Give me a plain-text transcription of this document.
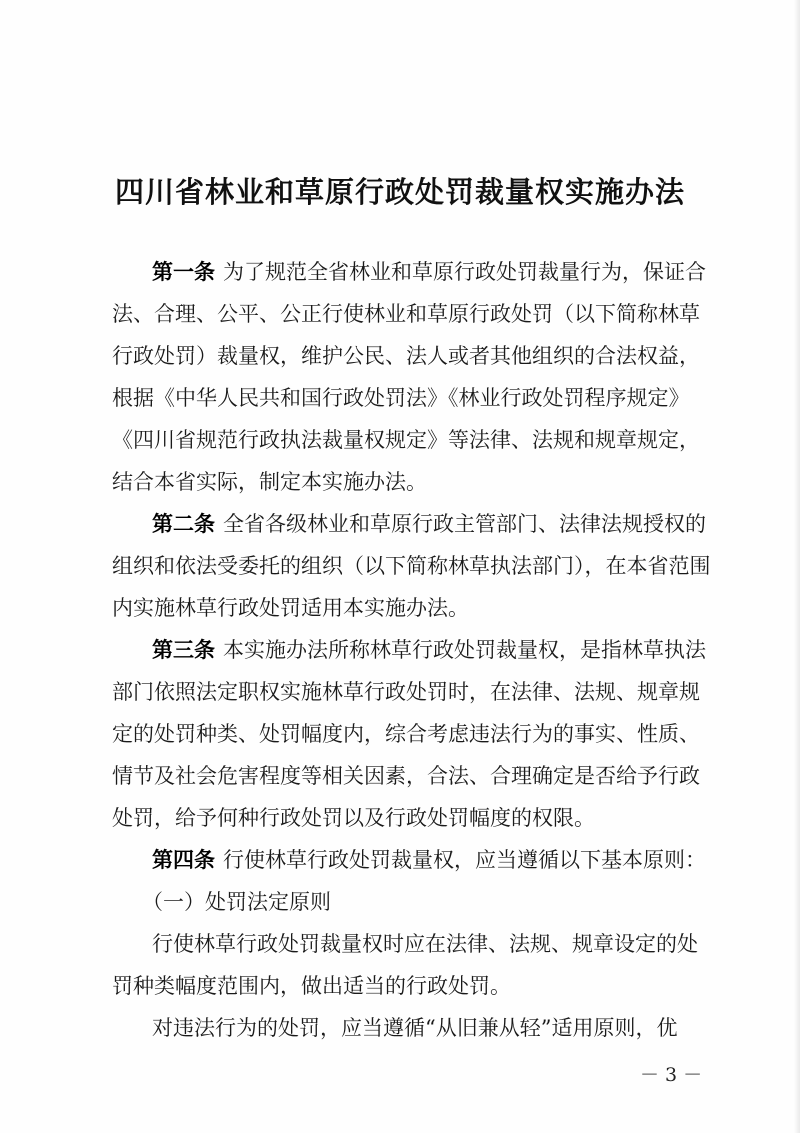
四川省林业和草原行政处罚裁量权实施办法
第一条 为了规范全省林业和草原行政处罚裁量行为，保证合
法、合理、公平、公正行使林业和草原行政处罚（以下简称林草
行政处罚）裁量权，维护公民、法人或者其他组织的合法权益，
根据《中华人民共和国行政处罚法》《林业行政处罚程序规定》
《四川省规范行政执法裁量权规定》等法律、法规和规章规定，
结合本省实际，制定本实施办法。
第二条 全省各级林业和草原行政主管部门、法律法规授权的
组织和依法受委托的组织（以下简称林草执法部门），在本省范围
内实施林草行政处罚适用本实施办法。
第三条 本实施办法所称林草行政处罚裁量权，是指林草执法
部门依照法定职权实施林草行政处罚时，在法律、法规、规章规
定的处罚种类、处罚幅度内，综合考虑违法行为的事实、性质、
情节及社会危害程度等相关因素，合法、合理确定是否给予行政
处罚，给予何种行政处罚以及行政处罚幅度的权限。
第四条 行使林草行政处罚裁量权，应当遵循以下基本原则：
（一）处罚法定原则
行使林草行政处罚裁量权时应在法律、法规、规章设定的处
罚种类幅度范围内，做出适当的行政处罚。
对违法行为的处罚，应当遵循“从旧兼从轻”适用原则，优
－ 3 －
